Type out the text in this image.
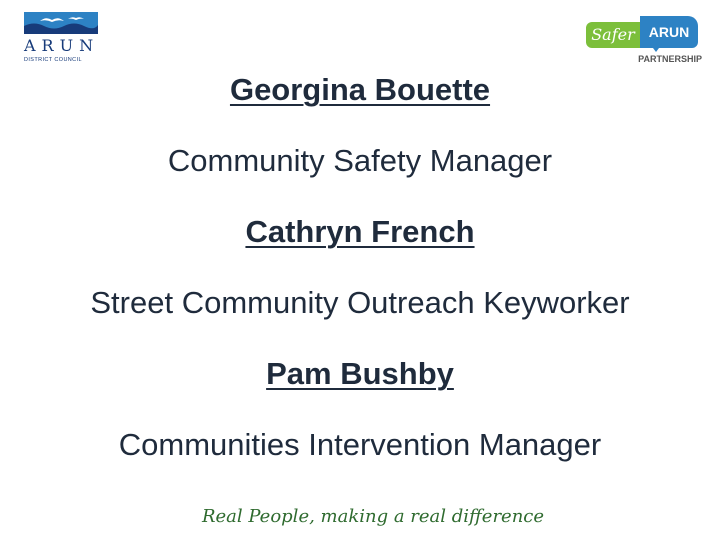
ARUN
DISTRICT COUNCIL
Safer	ARUN
PARTNERSHIP
Georgina Bouette
Community Safety Manager
Cathryn French
Street Community Outreach Keyworker
Pam Bushby
Communities Intervention Manager
Real People, making a real difference
